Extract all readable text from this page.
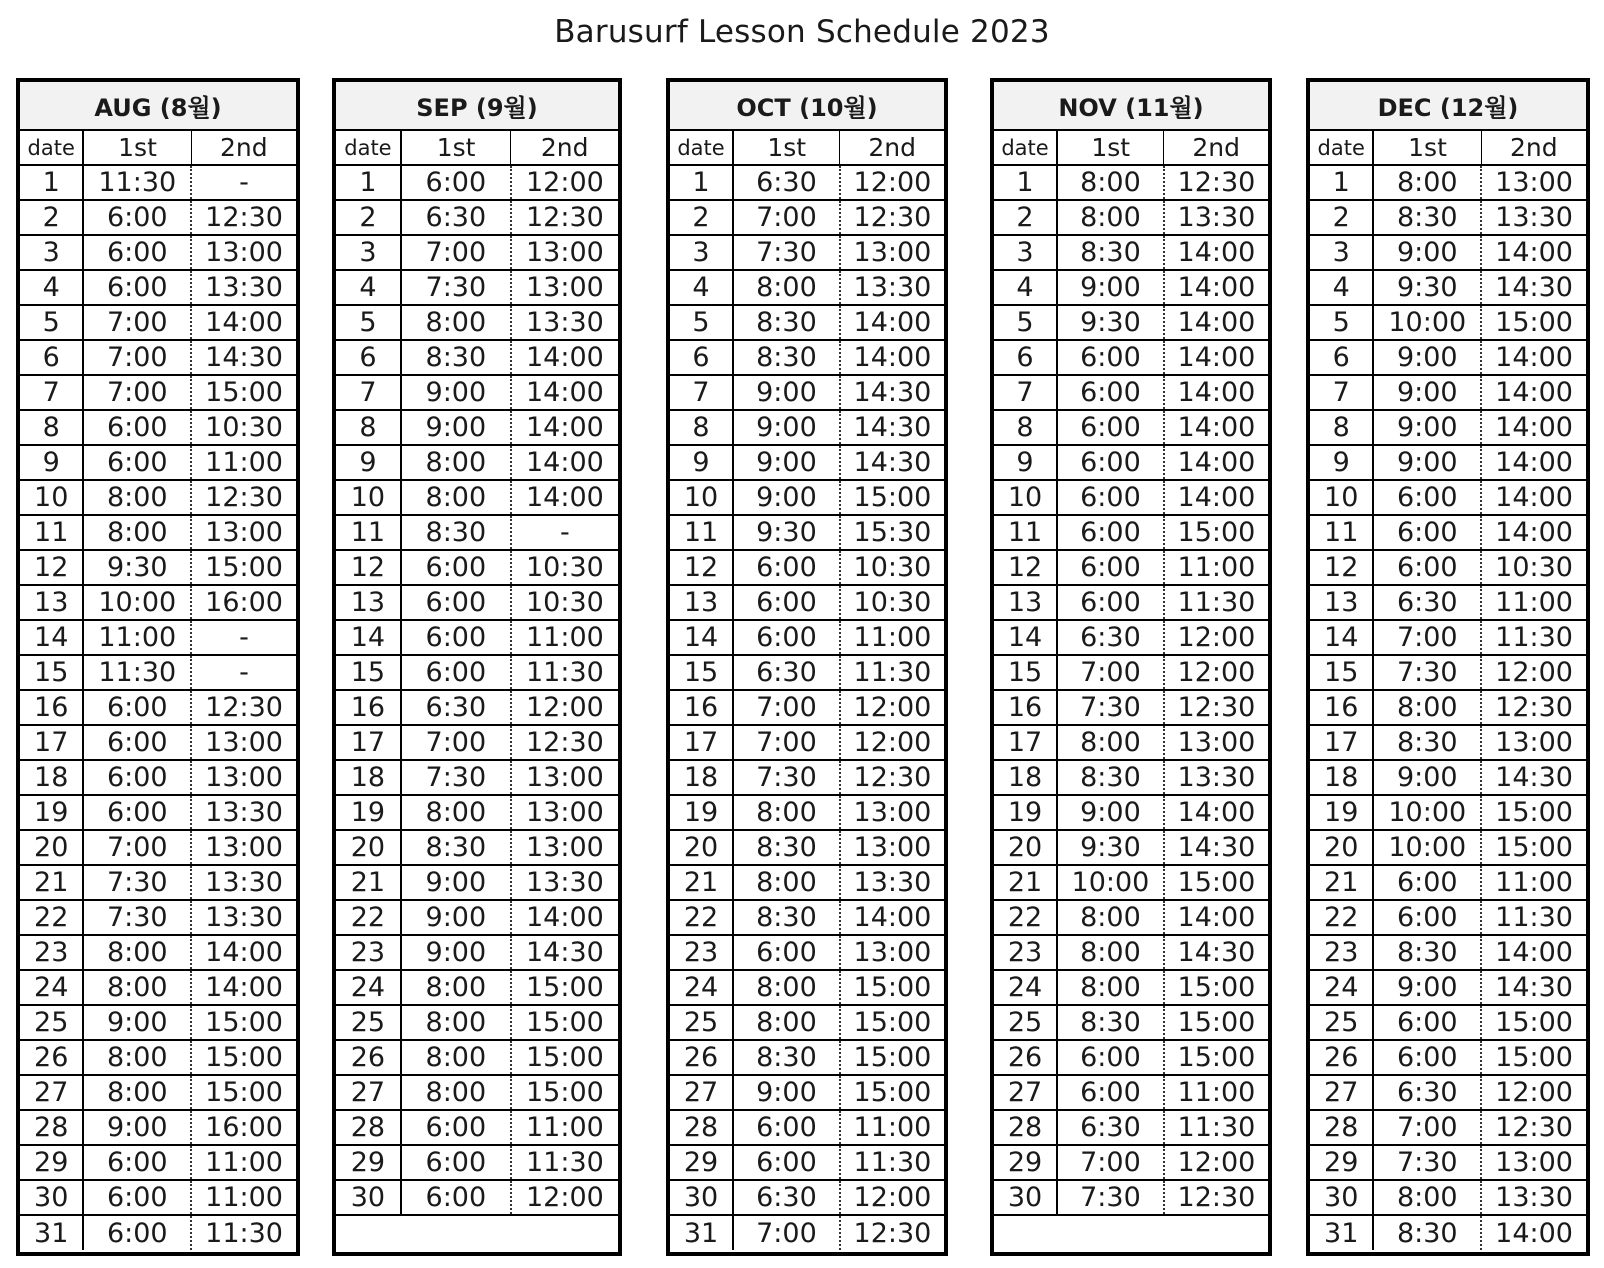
Barusurf Lesson Schedule 2023
AUG (8월)		
date	1st	2nd
1	11:30	-
2	6:00	12:30
3	6:00	13:00
4	6:00	13:30
5	7:00	14:00
6	7:00	14:30
7	7:00	15:00
8	6:00	10:30
9	6:00	11:00
10	8:00	12:30
11	8:00	13:00
12	9:30	15:00
13	10:00	16:00
14	11:00	-
15	11:30	-
16	6:00	12:30
17	6:00	13:00
18	6:00	13:00
19	6:00	13:30
20	7:00	13:00
21	7:30	13:30
22	7:30	13:30
23	8:00	14:00
24	8:00	14:00
25	9:00	15:00
26	8:00	15:00
27	8:00	15:00
28	9:00	16:00
29	6:00	11:00
30	6:00	11:00
31	6:00	11:30
SEP (9월)		
date	1st	2nd
1	6:00	12:00
2	6:30	12:30
3	7:00	13:00
4	7:30	13:00
5	8:00	13:30
6	8:30	14:00
7	9:00	14:00
8	9:00	14:00
9	8:00	14:00
10	8:00	14:00
11	8:30	-
12	6:00	10:30
13	6:00	10:30
14	6:00	11:00
15	6:00	11:30
16	6:30	12:00
17	7:00	12:30
18	7:30	13:00
19	8:00	13:00
20	8:30	13:00
21	9:00	13:30
22	9:00	14:00
23	9:00	14:30
24	8:00	15:00
25	8:00	15:00
26	8:00	15:00
27	8:00	15:00
28	6:00	11:00
29	6:00	11:30
30	6:00	12:00

OCT (10월)		
date	1st	2nd
1	6:30	12:00
2	7:00	12:30
3	7:30	13:00
4	8:00	13:30
5	8:30	14:00
6	8:30	14:00
7	9:00	14:30
8	9:00	14:30
9	9:00	14:30
10	9:00	15:00
11	9:30	15:30
12	6:00	10:30
13	6:00	10:30
14	6:00	11:00
15	6:30	11:30
16	7:00	12:00
17	7:00	12:00
18	7:30	12:30
19	8:00	13:00
20	8:30	13:00
21	8:00	13:30
22	8:30	14:00
23	6:00	13:00
24	8:00	15:00
25	8:00	15:00
26	8:30	15:00
27	9:00	15:00
28	6:00	11:00
29	6:00	11:30
30	6:30	12:00
31	7:00	12:30
NOV (11월)		
date	1st	2nd
1	8:00	12:30
2	8:00	13:30
3	8:30	14:00
4	9:00	14:00
5	9:30	14:00
6	6:00	14:00
7	6:00	14:00
8	6:00	14:00
9	6:00	14:00
10	6:00	14:00
11	6:00	15:00
12	6:00	11:00
13	6:00	11:30
14	6:30	12:00
15	7:00	12:00
16	7:30	12:30
17	8:00	13:00
18	8:30	13:30
19	9:00	14:00
20	9:30	14:30
21	10:00	15:00
22	8:00	14:00
23	8:00	14:30
24	8:00	15:00
25	8:30	15:00
26	6:00	15:00
27	6:00	11:00
28	6:30	11:30
29	7:00	12:00
30	7:30	12:30

DEC (12월)		
date	1st	2nd
1	8:00	13:00
2	8:30	13:30
3	9:00	14:00
4	9:30	14:30
5	10:00	15:00
6	9:00	14:00
7	9:00	14:00
8	9:00	14:00
9	9:00	14:00
10	6:00	14:00
11	6:00	14:00
12	6:00	10:30
13	6:30	11:00
14	7:00	11:30
15	7:30	12:00
16	8:00	12:30
17	8:30	13:00
18	9:00	14:30
19	10:00	15:00
20	10:00	15:00
21	6:00	11:00
22	6:00	11:30
23	8:30	14:00
24	9:00	14:30
25	6:00	15:00
26	6:00	15:00
27	6:30	12:00
28	7:00	12:30
29	7:30	13:00
30	8:00	13:30
31	8:30	14:00
